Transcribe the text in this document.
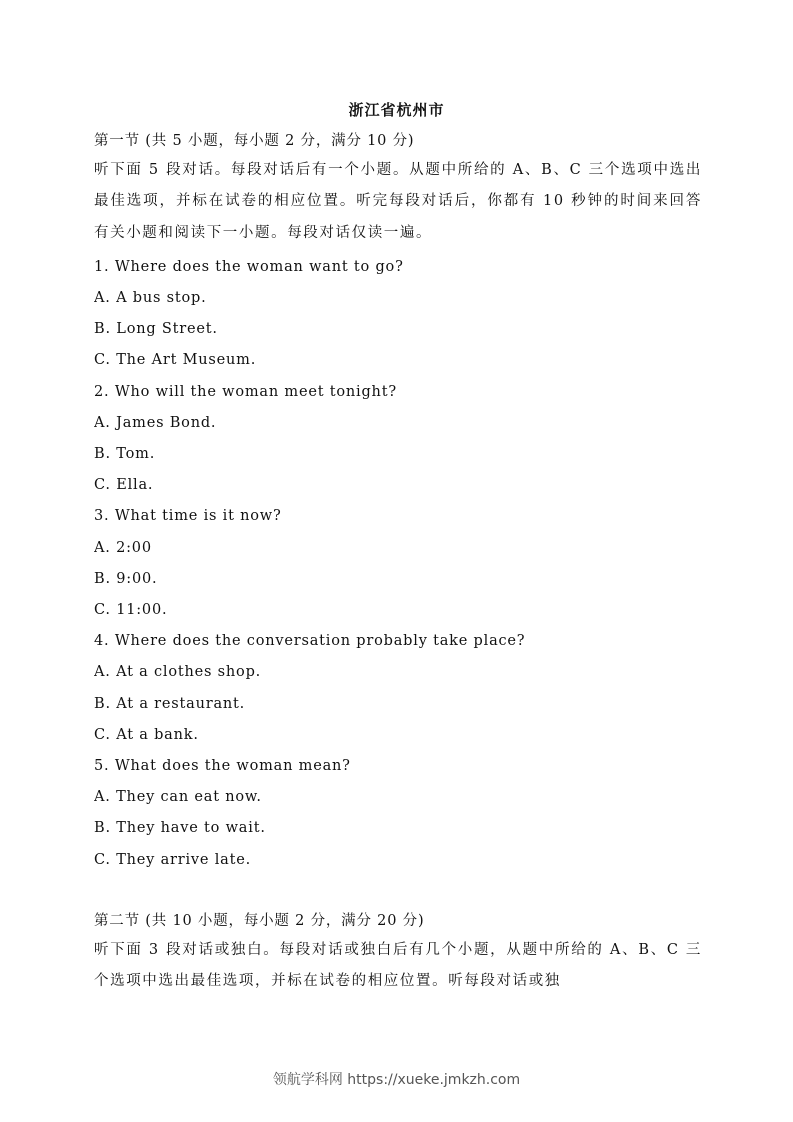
浙江省杭州市
第一节 (共 5 小题，每小题 2 分，满分 10 分)
听下面 5 段对话。每段对话后有一个小题。从题中所给的 A、B、C 三个选项中选出最佳选项，并标在试卷的相应位置。听完每段对话后，你都有 10 秒钟的时间来回答有关小题和阅读下一小题。每段对话仅读一遍。
1. Where does the woman want to go?
A. A bus stop.
B. Long Street.
C. The Art Museum.
2. Who will the woman meet tonight?
A. James Bond.
B. Tom.
C. Ella.
3. What time is it now?
A. 2:00
B. 9:00.
C. 11:00.
4. Where does the conversation probably take place?
A. At a clothes shop.
B. At a restaurant.
C. At a bank.
5. What does the woman mean?
A. They can eat now.
B. They have to wait.
C. They arrive late.
第二节 (共 10 小题，每小题 2 分，满分 20 分)
听下面 3 段对话或独白。每段对话或独白后有几个小题，从题中所给的 A、B、C 三个选项中选出最佳选项，并标在试卷的相应位置。听每段对话或独
领航学科网 https://xueke.jmkzh.com
